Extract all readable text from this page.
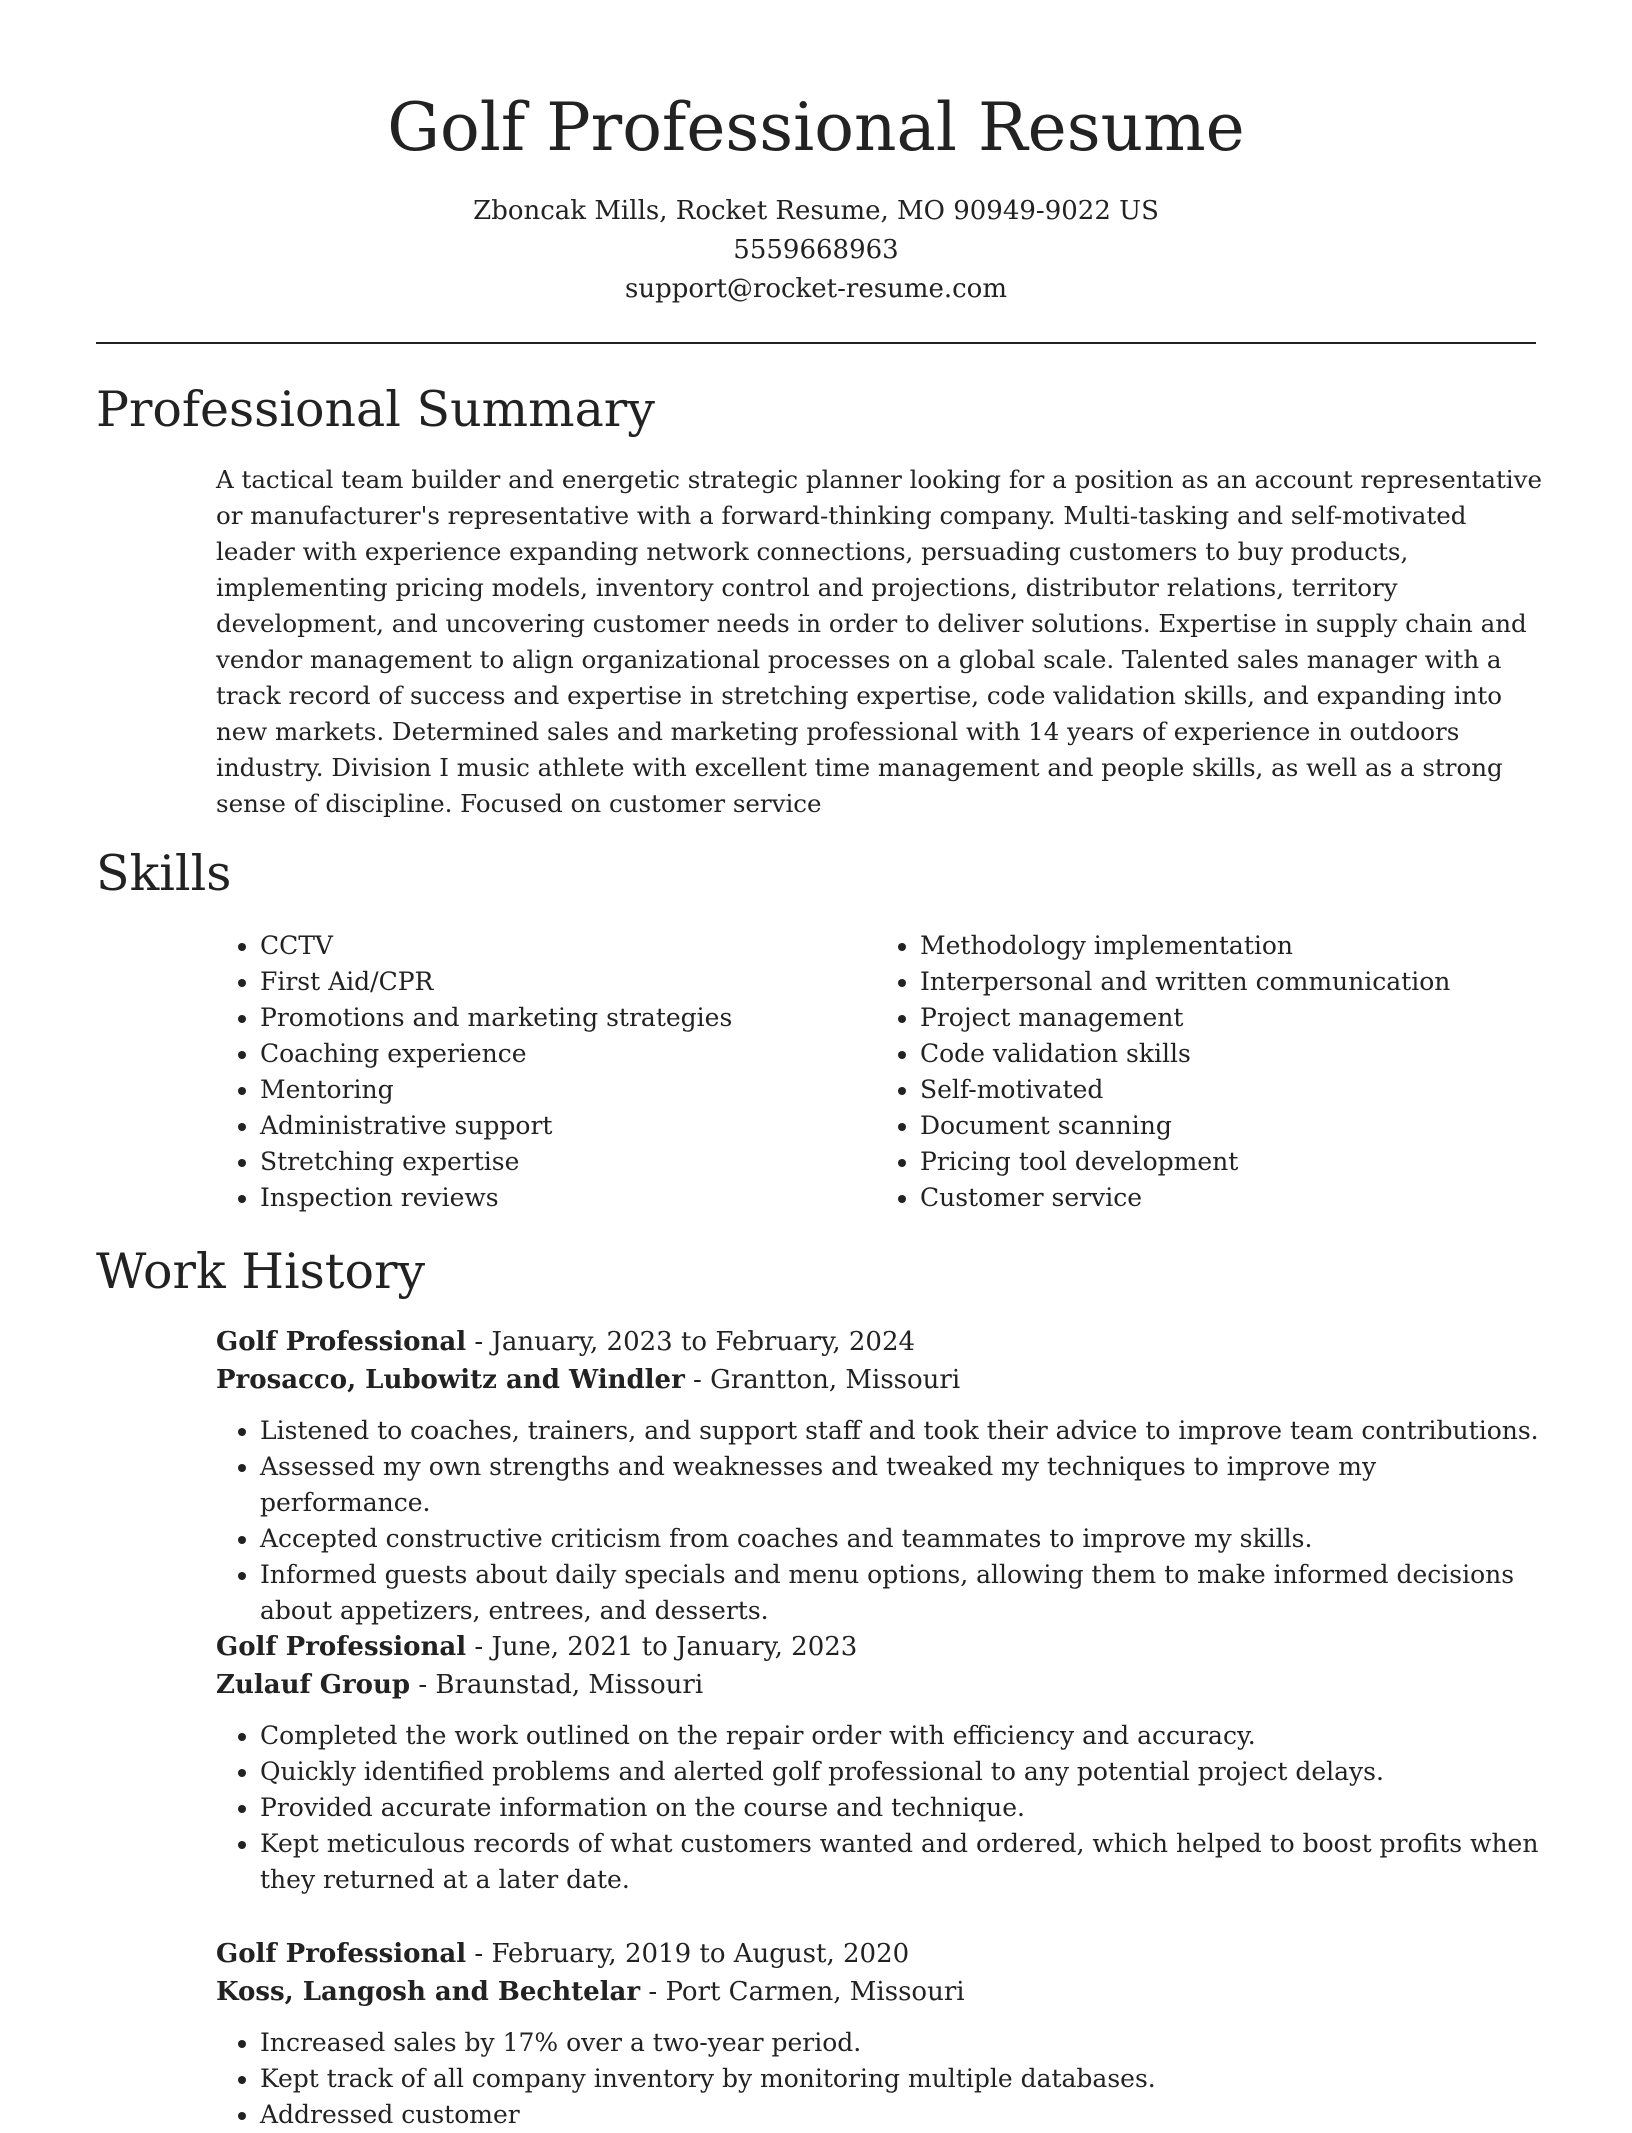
Golf Professional Resume
Zboncak Mills, Rocket Resume, MO 90949-9022 US
5559668963
support@rocket-resume.com
Professional Summary

A tactical team builder and energetic strategic planner looking for a position as an account representative or manufacturer's representative with a forward-thinking company. Multi-tasking and self-motivated leader with experience expanding network connections, persuading customers to buy products, implementing pricing models, inventory control and projections, distributor relations, territory development, and uncovering customer needs in order to deliver solutions. Expertise in supply chain and vendor management to align organizational processes on a global scale. Talented sales manager with a track record of success and expertise in stretching expertise, code validation skills, and expanding into new markets. Determined sales and marketing professional with 14 years of experience in outdoors industry. Division I music athlete with excellent time management and people skills, as well as a strong sense of discipline. Focused on customer service

Skills
• CCTV
• First Aid/CPR
• Promotions and marketing strategies
• Coaching experience
• Mentoring
• Administrative support
• Stretching expertise
• Inspection reviews
• Methodology implementation
• Interpersonal and written communication
• Project management
• Code validation skills
• Self-motivated
• Document scanning
• Pricing tool development
• Customer service
Work History

Golf Professional - January, 2023 to February, 2024

Prosacco, Lubowitz and Windler - Grantton, Missouri

• Listened to coaches, trainers, and support staff and took their advice to improve team contributions.
• Assessed my own strengths and weaknesses and tweaked my techniques to improve my performance.
• Accepted constructive criticism from coaches and teammates to improve my skills.
• Informed guests about daily specials and menu options, allowing them to make informed decisions about appetizers, entrees, and desserts.

Golf Professional - June, 2021 to January, 2023

Zulauf Group - Braunstad, Missouri

• Completed the work outlined on the repair order with efficiency and accuracy.
• Quickly identified problems and alerted golf professional to any potential project delays.
• Provided accurate information on the course and technique.
• Kept meticulous records of what customers wanted and ordered, which helped to boost profits when they returned at a later date.

Golf Professional - February, 2019 to August, 2020

Koss, Langosh and Bechtelar - Port Carmen, Missouri

• Increased sales by 17% over a two-year period.
• Kept track of all company inventory by monitoring multiple databases.
• Addressed customer
